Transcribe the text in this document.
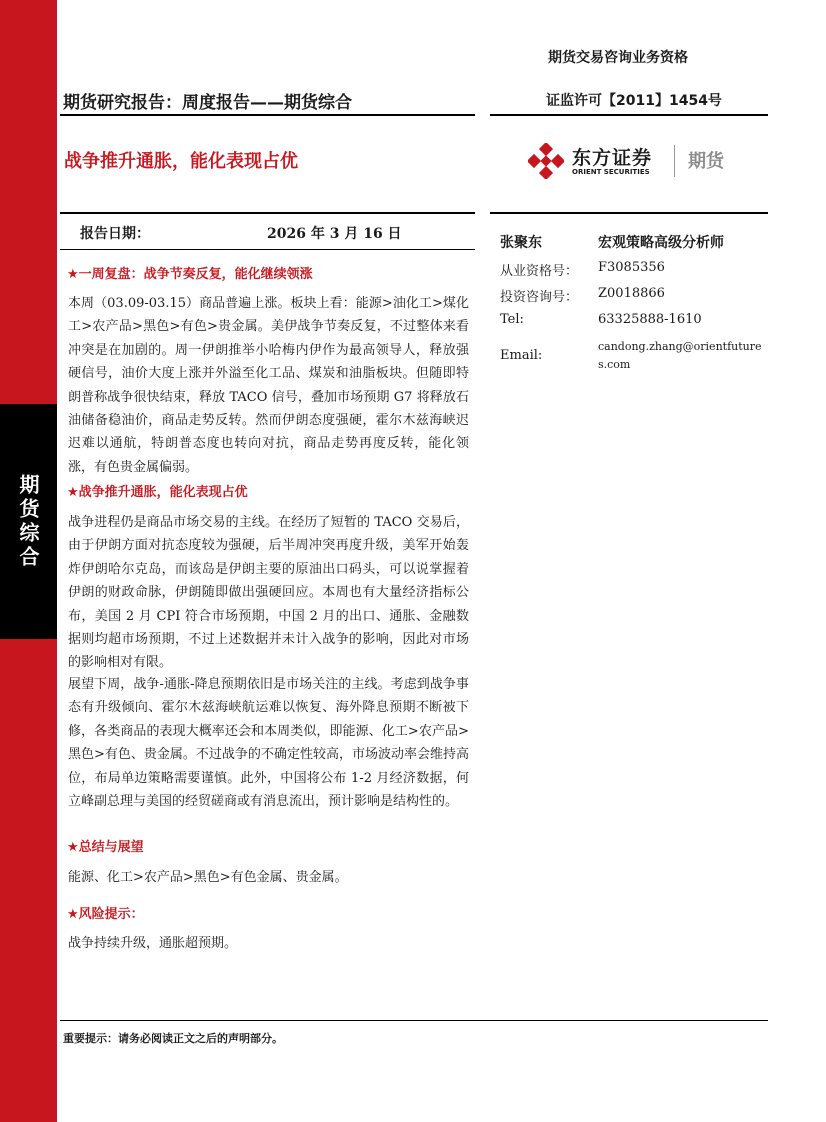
期货综合
期货交易咨询业务资格
证监许可【2011】1454号
期货研究报告：周度报告——期货综合
战争推升通胀，能化表现占优	东方证券
ORIENT SECURITIES 期货
报告日期：	2026 年 3 月 16 日
张聚东	宏观策略高级分析师
从业资格号： F3085356
投资咨询号： Z0018866
Tel:	63325888-1610
Email:
candong.zhang@orientfutures.com
★一周复盘：战争节奏反复，能化继续领涨

本周（03.09-03.15）商品普遍上涨。板块上看：能源>油化工>煤化工>农产品>黑色>有色>贵金属。美伊战争节奏反复，不过整体来看冲突是在加剧的。周一伊朗推举小哈梅内伊作为最高领导人，释放强硬信号，油价大度上涨并外溢至化工品、煤炭和油脂板块。但随即特朗普称战争很快结束，释放 TACO 信号，叠加市场预期 G7 将释放石油储备稳油价，商品走势反转。然而伊朗态度强硬，霍尔木兹海峡迟迟难以通航，特朗普态度也转向对抗，商品走势再度反转，能化领涨，有色贵金属偏弱。

★战争推升通胀，能化表现占优

战争进程仍是商品市场交易的主线。在经历了短暂的 TACO 交易后，由于伊朗方面对抗态度较为强硬，后半周冲突再度升级，美军开始轰炸伊朗哈尔克岛，而该岛是伊朗主要的原油出口码头，可以说掌握着伊朗的财政命脉，伊朗随即做出强硬回应。本周也有大量经济指标公布，美国 2 月 CPI 符合市场预期，中国 2 月的出口、通胀、金融数据则均超市场预期，不过上述数据并未计入战争的影响，因此对市场的影响相对有限。

展望下周，战争-通胀-降息预期依旧是市场关注的主线。考虑到战争事态有升级倾向、霍尔木兹海峡航运难以恢复、海外降息预期不断被下修，各类商品的表现大概率还会和本周类似，即能源、化工>农产品>黑色>有色、贵金属。不过战争的不确定性较高，市场波动率会维持高位，布局单边策略需要谨慎。此外，中国将公布 1-2 月经济数据，何立峰副总理与美国的经贸磋商或有消息流出，预计影响是结构性的。

★总结与展望

能源、化工>农产品>黑色>有色金属、贵金属。

★风险提示：

战争持续升级，通胀超预期。

重要提示：请务必阅读正文之后的声明部分。
